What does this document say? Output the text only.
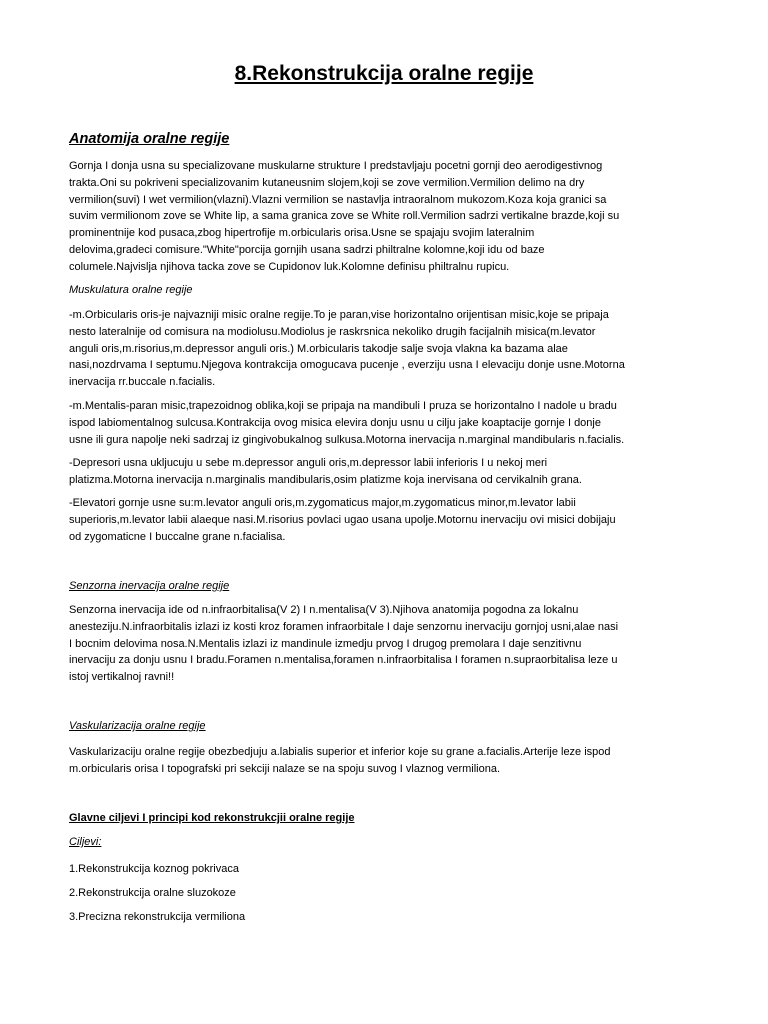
8.Rekonstrukcija oralne regije
Anatomija oralne regije
Gornja I donja usna su specializovane muskularne strukture I predstavljaju pocetni gornji deo aerodigestivnog
trakta.Oni su pokriveni specializovanim kutaneusnim slojem,koji se zove vermilion.Vermilion delimo na dry
vermilion(suvi) I wet vermilion(vlazni).Vlazni vermilion se nastavlja intraoralnom mukozom.Koza koja granici sa
suvim vermilionom zove se White lip, a sama granica zove se White roll.Vermilion sadrzi vertikalne brazde,koji su
prominentnije kod pusaca,zbog hipertrofije m.orbicularis orisa.Usne se spajaju svojim lateralnim
delovima,gradeci comisure."White"porcija gornjih usana sadrzi philtralne kolomne,koji idu od baze
columele.Najvislja njihova tacka zove se Cupidonov luk.Kolomne definisu philtralnu rupicu.

Muskulatura oralne regije

-m.Orbicularis oris-je najvazniji misic oralne regije.To je paran,vise horizontalno orijentisan misic,koje se pripaja
nesto lateralnije od comisura na modiolusu.Modiolus je raskrsnica nekoliko drugih facijalnih misica(m.levator
anguli oris,m.risorius,m.depressor anguli oris.) M.orbicularis takodje salje svoja vlakna ka bazama alae
nasi,nozdrvama I septumu.Njegova kontrakcija omogucava pucenje , everziju usna I elevaciju donje usne.Motorna
inervacija rr.buccale n.facialis.
-m.Mentalis-paran misic,trapezoidnog oblika,koji se pripaja na mandibuli I pruza se horizontalno I nadole u bradu
ispod labiomentalnog sulcusa.Kontrakcija ovog misica elevira donju usnu u cilju jake koaptacije gornje I donje
usne ili gura napolje neki sadrzaj iz gingivobukalnog sulkusa.Motorna inervacija n.marginal mandibularis n.facialis.
-Depresori usna ukljucuju u sebe m.depressor anguli oris,m.depressor labii inferioris I u nekoj meri
platizma.Motorna inervacija n.marginalis mandibularis,osim platizme koja inervisana od cervikalnih grana.
-Elevatori gornje usne su:m.levator anguli oris,m.zygomaticus major,m.zygomaticus minor,m.levator labii
superioris,m.levator labii alaeque nasi.M.risorius povlaci ugao usana upolje.Motornu inervaciju ovi misici dobijaju
od zygomaticne I buccalne grane n.facialisa.

Senzorna inervacija oralne regije

Senzorna inervacija ide od n.infraorbitalisa(V 2) I n.mentalisa(V 3).Njihova anatomija pogodna za lokalnu
anesteziju.N.infraorbitalis izlazi iz kosti kroz foramen infraorbitale I daje senzornu inervaciju gornjoj usni,alae nasi
I bocnim delovima nosa.N.Mentalis izlazi iz mandinule izmedju prvog I drugog premolara I daje senzitivnu
inervaciju za donju usnu I bradu.Foramen n.mentalisa,foramen n.infraorbitalisa I foramen n.supraorbitalisa leze u
istoj vertikalnoj ravni!!

Vaskularizacija oralne regije

Vaskularizaciju oralne regije obezbedjuju a.labialis superior et inferior koje su grane a.facialis.Arterije leze ispod
m.orbicularis orisa I topografski pri sekciji nalaze se na spoju suvog I vlaznog vermiliona.

Glavne ciljevi I principi kod rekonstrukcjii oralne regije

Ciljevi:

1.Rekonstrukcija koznog pokrivaca

2.Rekonstrukcija oralne sluzokoze

3.Precizna rekonstrukcija vermiliona
